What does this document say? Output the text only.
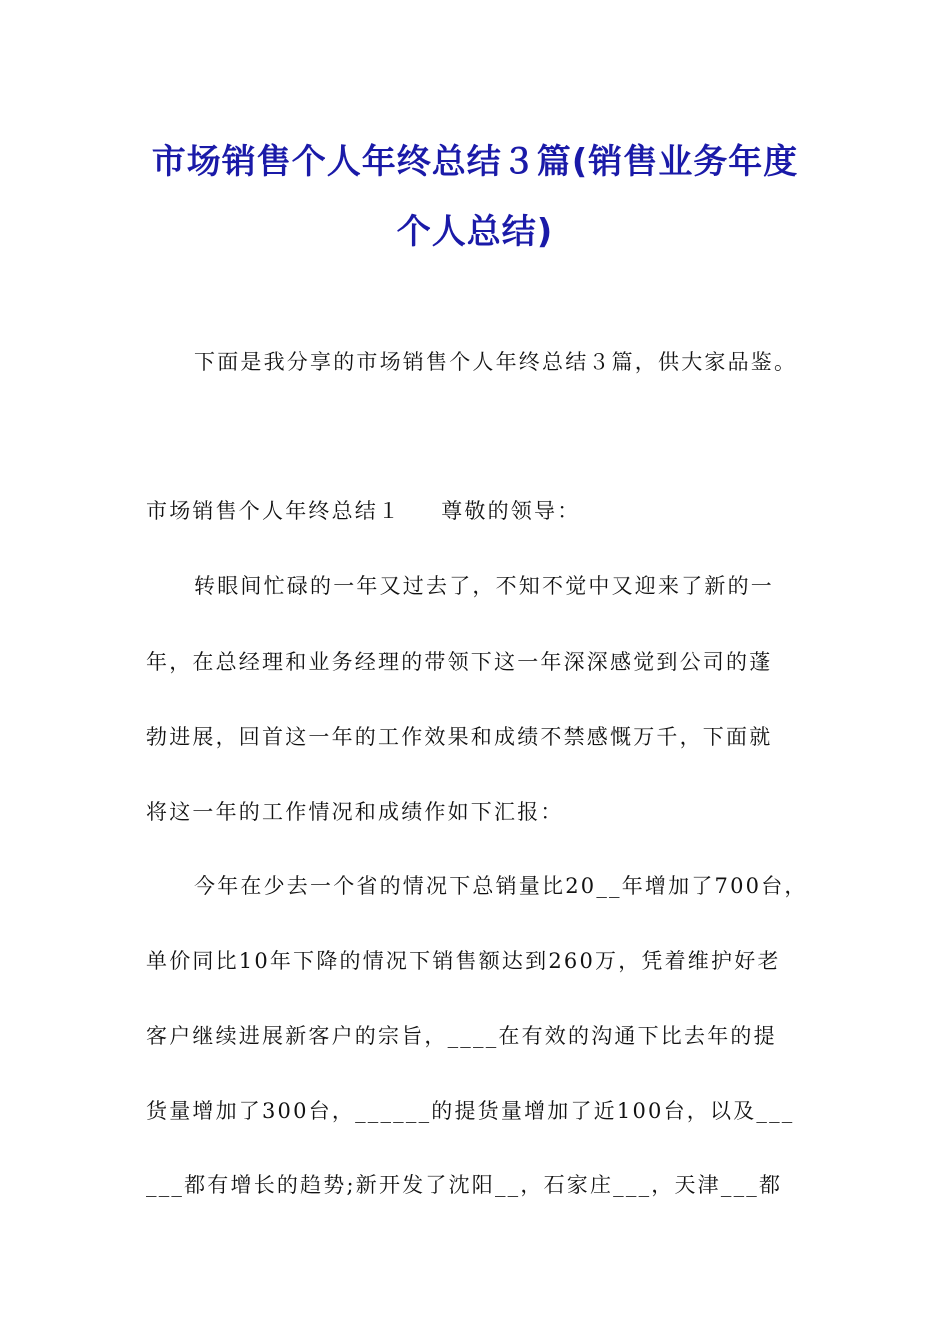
市场销售个人年终总结３篇(销售业务年度
个人总结)
下面是我分享的市场销售个人年终总结３篇，供大家品鉴。
市场销售个人年终总结１ 尊敬的领导：
转眼间忙碌的一年又过去了，不知不觉中又迎来了新的一
年，在总经理和业务经理的带领下这一年深深感觉到公司的蓬
勃进展，回首这一年的工作效果和成绩不禁感慨万千，下面就
将这一年的工作情况和成绩作如下汇报：
今年在少去一个省的情况下总销量比20__年增加了700台，
单价同比10年下降的情况下销售额达到260万，凭着维护好老
客户继续进展新客户的宗旨，____在有效的沟通下比去年的提
货量增加了300台，______的提货量增加了近100台，以及___
___都有增长的趋势;新开发了沈阳__，石家庄___，天津___都
